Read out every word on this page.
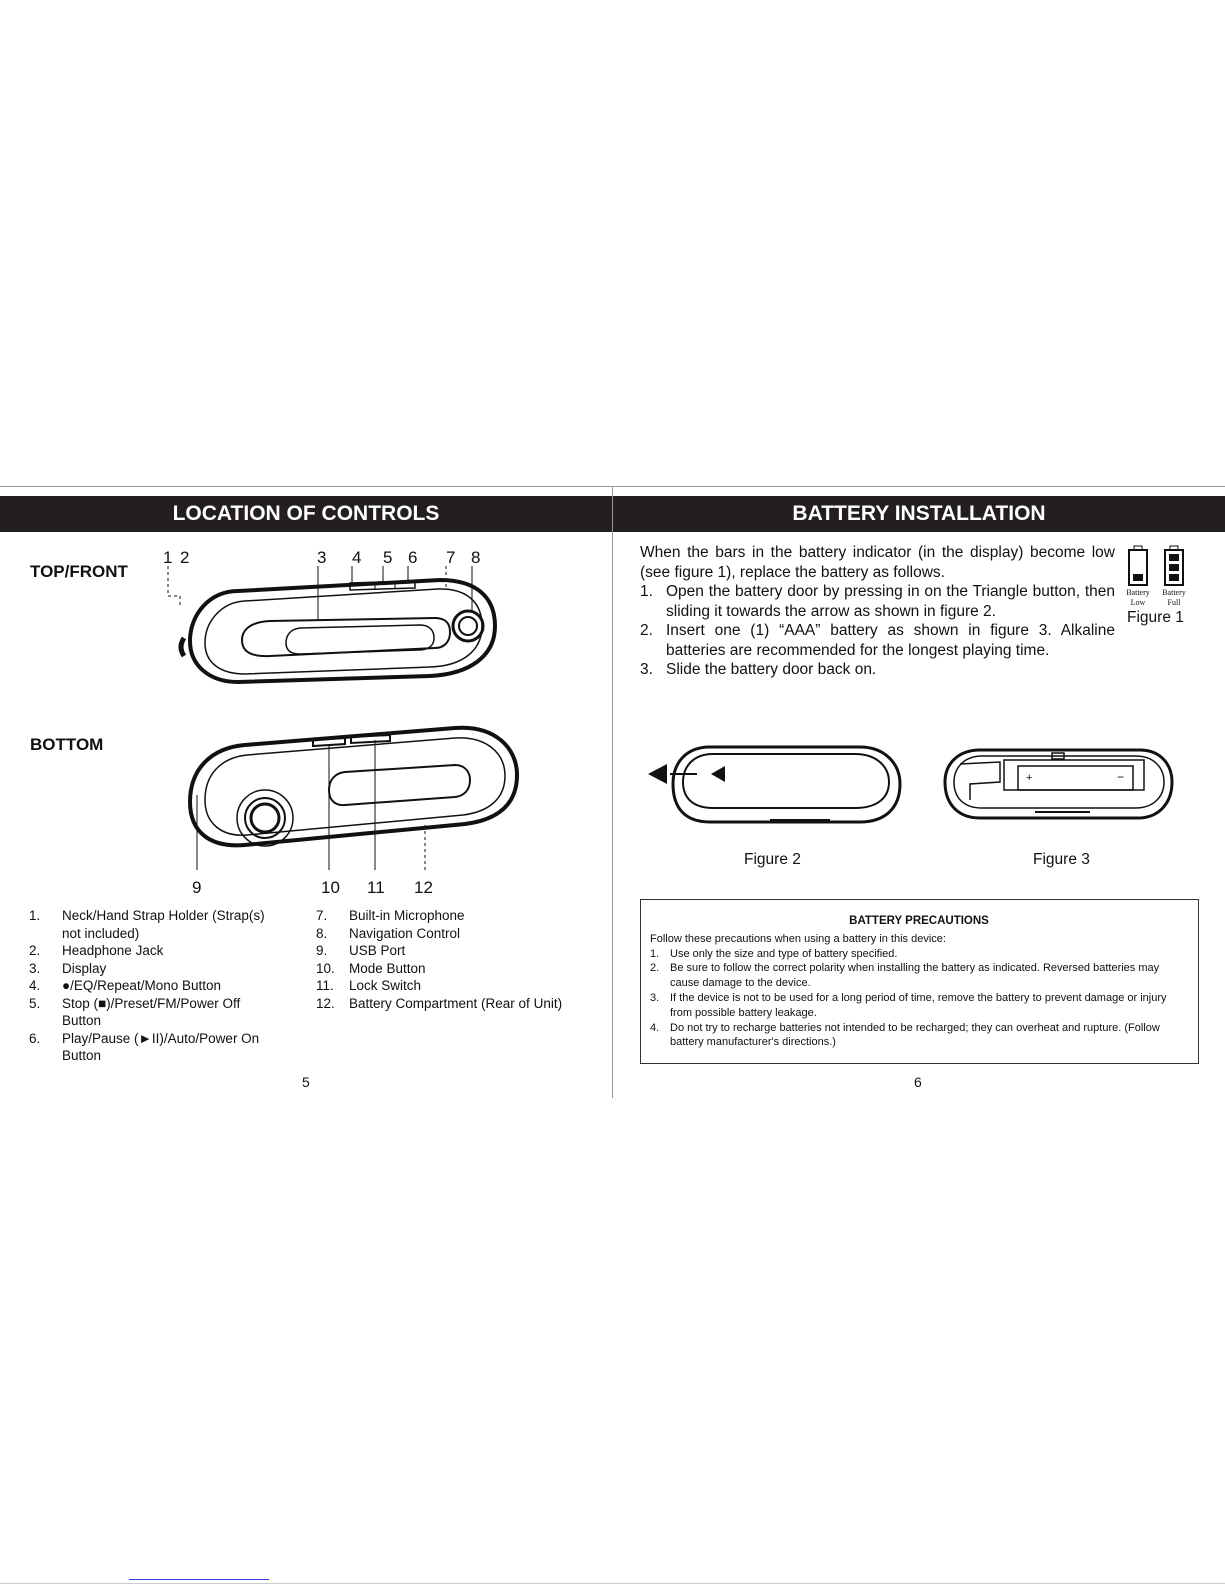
LOCATION OF CONTROLS
TOP/FRONT
BOTTOM
1 2	3 4 5 6 7 8
9	10 11 12
1.	Neck/Hand Strap Holder (Strap(s)
not included)
2.	Headphone Jack
3.	Display
4.	●/EQ/Repeat/Mono Button
5.	Stop (■)/Preset/FM/Power Off
Button
6.	Play/Pause (►II)/Auto/Power On
Button
7.	Built-in Microphone
8.	Navigation Control
9.	USB Port
10.	Mode Button
11.	Lock Switch
12.	Battery Compartment (Rear of Unit)
5
BATTERY INSTALLATION
When the bars in the battery indicator (in the display) become low (see figure 1), replace the battery as follows.
1. Open the battery door by pressing in on the Triangle button, then sliding it towards the arrow as shown in figure 2.
2. Insert one (1) “AAA” battery as shown in figure 3. Alkaline batteries are recommended for the longest playing time.
3. Slide the battery door back on.
Battery Low
Battery Full
Figure 1
Figure 2
+	−
Figure 3
BATTERY PRECAUTIONS
Follow these precautions when using a battery in this device:
1. Use only the size and type of battery specified.
2. Be sure to follow the correct polarity when installing the battery as indicated. Reversed batteries may cause damage to the device.
3. If the device is not to be used for a long period of time, remove the battery to prevent damage or injury from possible battery leakage.
4. Do not try to recharge batteries not intended to be recharged; they can overheat and rupture. (Follow battery manufacturer's directions.)
6
